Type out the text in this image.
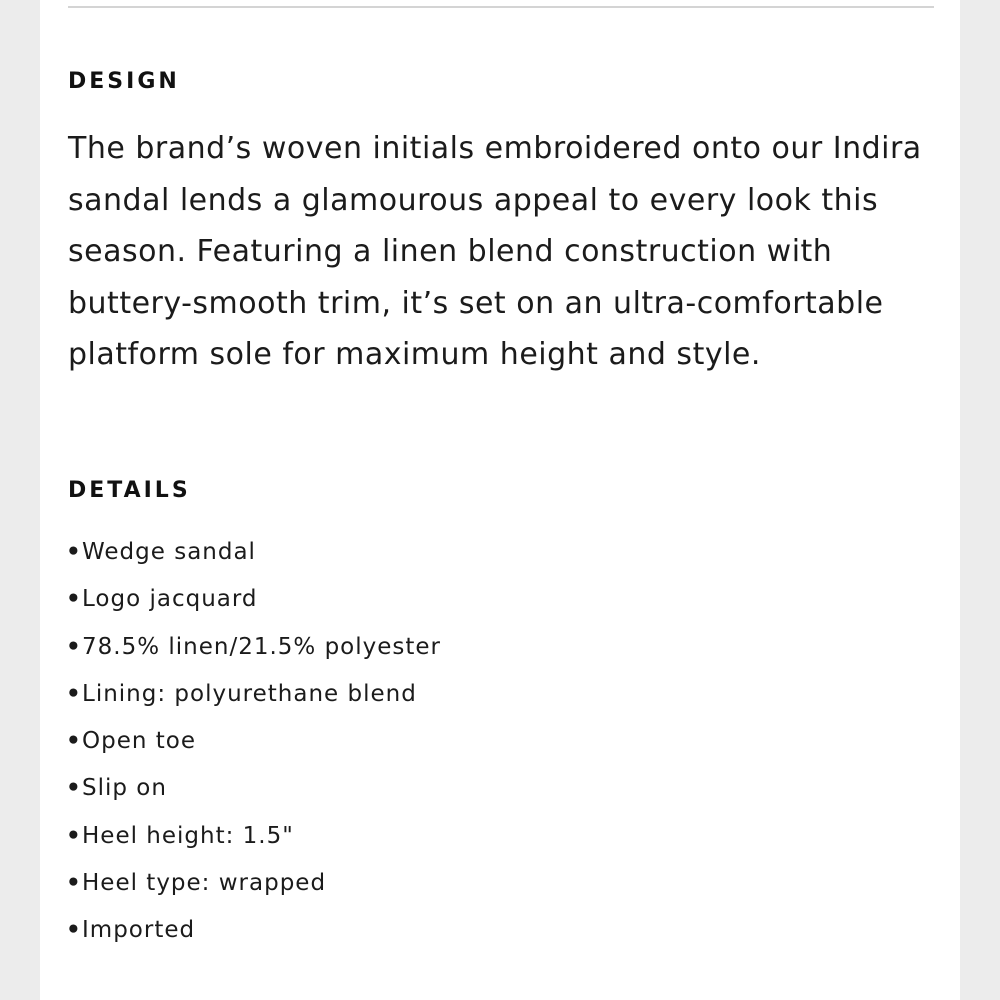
DESIGN

The brand’s woven initials embroidered onto our Indira sandal lends a glamourous appeal to every look this season. Featuring a linen blend construction with buttery-smooth trim, it’s set on an ultra-comfortable platform sole for maximum height and style.

DETAILS
•Wedge sandal
•Logo jacquard
•78.5% linen/21.5% polyester
•Lining: polyurethane blend
•Open toe
•Slip on
•Heel height: 1.5"
•Heel type: wrapped
•Imported
